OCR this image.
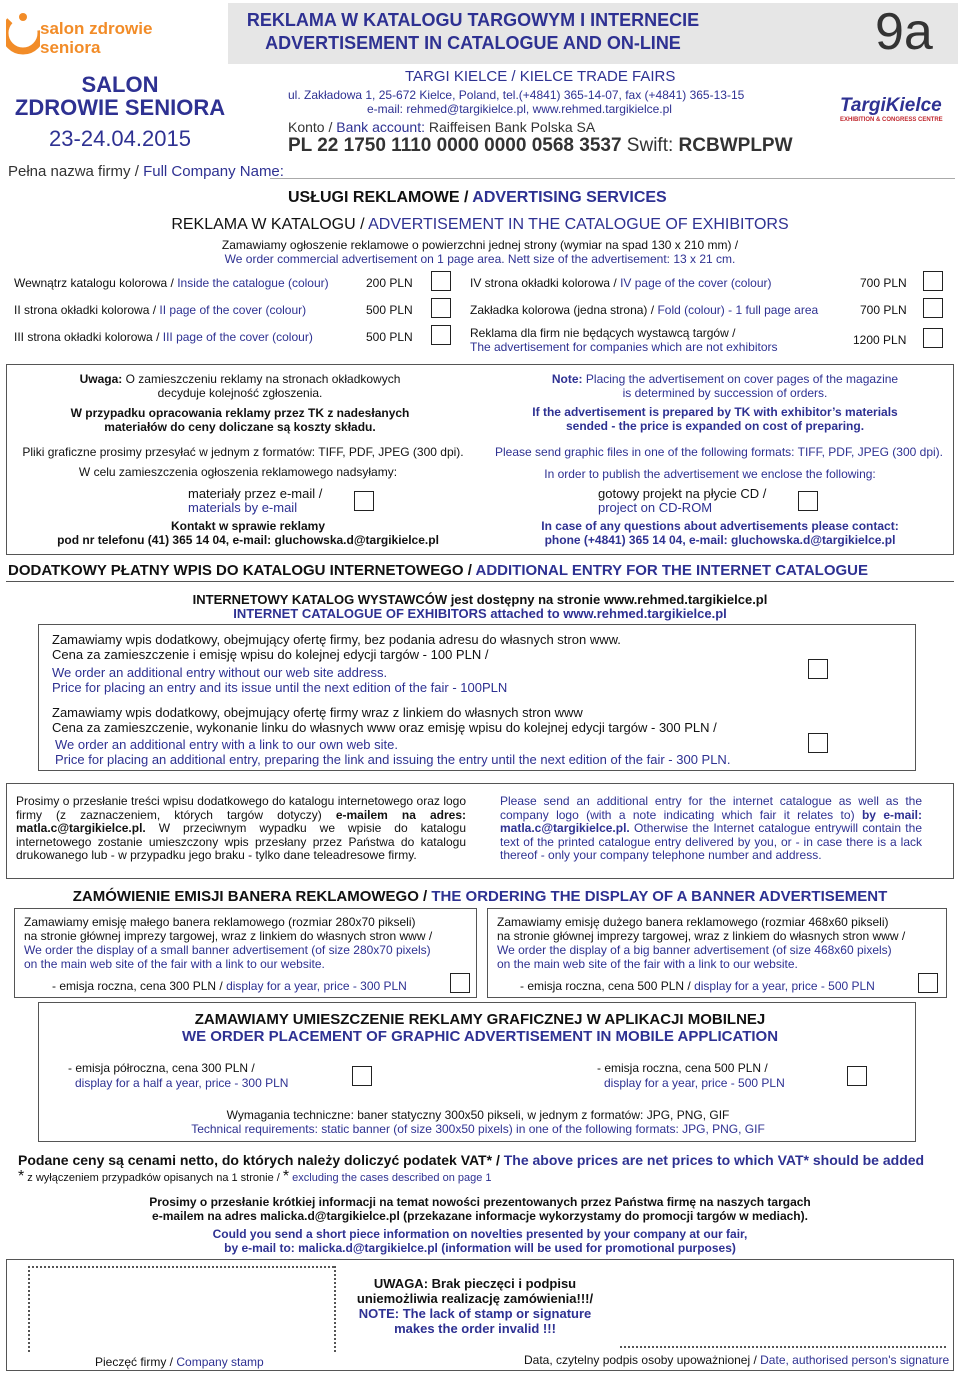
salon zdrowie
seniora
REKLAMA W KATALOGU TARGOWYM I INTERNECIE
ADVERTISEMENT IN CATALOGUE AND ON-LINE	9a
SALON
ZDROWIE SENIORA
23-24.04.2015
TARGI KIELCE / KIELCE TRADE FAIRS
ul. Zakładowa 1, 25-672 Kielce, Poland, tel.(+4841) 365-14-07, fax (+4841) 365-13-15
e-mail: rehmed@targikielce.pl, www.rehmed.targikielce.pl
Konto / Bank account: Raiffeisen Bank Polska SA
PL 22 1750 1110 0000 0000 0568 3537 Swift: RCBWPLPW
TargiKielce
EXHIBITION & CONGRESS CENTRE
Pełna nazwa firmy / Full Company Name:
USŁUGI REKLAMOWE / ADVERTISING SERVICES
REKLAMA W KATALOGU / ADVERTISEMENT IN THE CATALOGUE OF EXHIBITORS
Zamawiamy ogłoszenie reklamowe o powierzchni jednej strony (wymiar na spad 130 x 210 mm) /
We order commercial advertisement on 1 page area. Nett size of the advertisement: 13 x 21 cm.
Wewnątrz katalogu kolorowa / Inside the catalogue (colour)	200 PLN
II strona okładki kolorowa / II page of the cover (colour)	500 PLN
III strona okładki kolorowa / III page of the cover (colour)	500 PLN
IV strona okładki kolorowa / IV page of the cover (colour)	700 PLN
Zakładka kolorowa (jedna strona) / Fold (colour) - 1 full page area	700 PLN
Reklama dla firm nie będących wystawcą targów /
The advertisement for companies which are not exhibitors	1200 PLN
Uwaga: O zamieszczeniu reklamy na stronach okładkowych decyduje kolejność zgłoszenia.
W przypadku opracowania reklamy przez TK z nadesłanych materiałów do ceny doliczane są koszty składu.
Pliki graficzne prosimy przesyłać w jednym z formatów: TIFF, PDF, JPEG (300 dpi).
W celu zamieszczenia ogłoszenia reklamowego nadsyłamy:
materiały przez e-mail /
materials by e-mail
Kontakt w sprawie reklamy
pod nr telefonu (41) 365 14 04, e-mail: gluchowska.d@targikielce.pl
Note: Placing the advertisement on cover pages of the magazine is determined by succession of orders.
If the advertisement is prepared by TK with exhibitor’s materials sended - the price is expanded on cost of preparing.
Please send graphic files in one of the following formats: TIFF, PDF, JPEG (300 dpi).
In order to publish the advertisement we enclose the following:
gotowy projekt na płycie CD /
project on CD-ROM
In case of any questions about advertisements please contact:
phone (+4841) 365 14 04, e-mail: gluchowska.d@targikielce.pl
DODATKOWY PŁATNY WPIS DO KATALOGU INTERNETOWEGO / ADDITIONAL ENTRY FOR THE INTERNET CATALOGUE
INTERNETOWY KATALOG WYSTAWCÓW jest dostępny na stronie www.rehmed.targikielce.pl
INTERNET CATALOGUE OF EXHIBITORS attached to www.rehmed.targikielce.pl
Zamawiamy wpis dodatkowy, obejmujący ofertę firmy, bez podania adresu do własnych stron www.
Cena za zamieszczenie i emisję wpisu do kolejnej edycji targów - 100 PLN /
We order an additional entry without our web site address.
Price for placing an entry and its issue until the next edition of the fair - 100PLN
Zamawiamy wpis dodatkowy, obejmujący ofertę firmy wraz z linkiem do własnych stron www
Cena za zamieszczenie, wykonanie linku do własnych www oraz emisję wpisu do kolejnej edycji targów - 300 PLN /
We order an additional entry with a link to our own web site.
Price for placing an additional entry, preparing the link and issuing the entry until the next edition of the fair - 300 PLN.
Prosimy o przesłanie treści wpisu dodatkowego do katalogu internetowego oraz logo firmy (z zaznaczeniem, których targów dotyczy) e-mailem na adres: matla.c@targikielce.pl. W przeciwnym wypadku we wpisie do katalogu internetowego zostanie umieszczony wpis przesłany przez Państwa do katalogu drukowanego lub - w przypadku jego braku - tylko dane teleadresowe firmy.
Please send an additional entry for the internet catalogue as well as the company logo (with a note indicating which fair it relates to) by e-mail: matla.c@targikielce.pl. Otherwise the Internet catalogue entrywill contain the text of the printed catalogue entry delivered by you, or - in case there is a lack thereof - only your company telephone number and address.
ZAMÓWIENIE EMISJI BANERA REKLAMOWEGO / THE ORDERING THE DISPLAY OF A BANNER ADVERTISEMENT
Zamawiamy emisję małego banera reklamowego (rozmiar 280x70 pikseli)
na stronie głównej imprezy targowej, wraz z linkiem do własnych stron www /
We order the display of a small banner advertisement (of size 280x70 pixels)
on the main web site of the fair with a link to our website.
- emisja roczna, cena 300 PLN / display for a year, price - 300 PLN
Zamawiamy emisję dużego banera reklamowego (rozmiar 468x60 pikseli)
na stronie głównej imprezy targowej, wraz z linkiem do własnych stron www /
We order the display of a big banner advertisement (of size 468x60 pixels)
on the main web site of the fair with a link to our website.
- emisja roczna, cena 500 PLN / display for a year, price - 500 PLN
ZAMAWIAMY UMIESZCZENIE REKLAMY GRAFICZNEJ W APLIKACJI MOBILNEJ
WE ORDER PLACEMENT OF GRAPHIC ADVERTISEMENT IN MOBILE APPLICATION
- emisja półroczna, cena 300 PLN /
display for a half a year, price - 300 PLN
- emisja roczna, cena 500 PLN /
display for a year, price - 500 PLN
Wymagania techniczne: baner statyczny 300x50 pikseli, w jednym z formatów: JPG, PNG, GIF
Technical requirements: static banner (of size 300x50 pixels) in one of the following formats: JPG, PNG, GIF
Podane ceny są cenami netto, do których należy doliczyć podatek VAT* / The above prices are net prices to which VAT* should be added
* z wyłączeniem przypadków opisanych na 1 stronie / * excluding the cases described on page 1
Prosimy o przesłanie krótkiej informacji na temat nowości prezentowanych przez Państwa firmę na naszych targach
e-mailem na adres malicka.d@targikielce.pl (przekazane informacje wykorzystamy do promocji targów w mediach).
Could you send a short piece information on novelties presented by your company at our fair,
by e-mail to: malicka.d@targikielce.pl (information will be used for promotional purposes)
Pieczęć firmy / Company stamp
UWAGA: Brak pieczęci i podpisu
uniemożliwia realizację zamówienia!!!/
NOTE: The lack of stamp or signature
makes the order invalid !!!
Data, czytelny podpis osoby upoważnionej / Date, authorised person's signature
